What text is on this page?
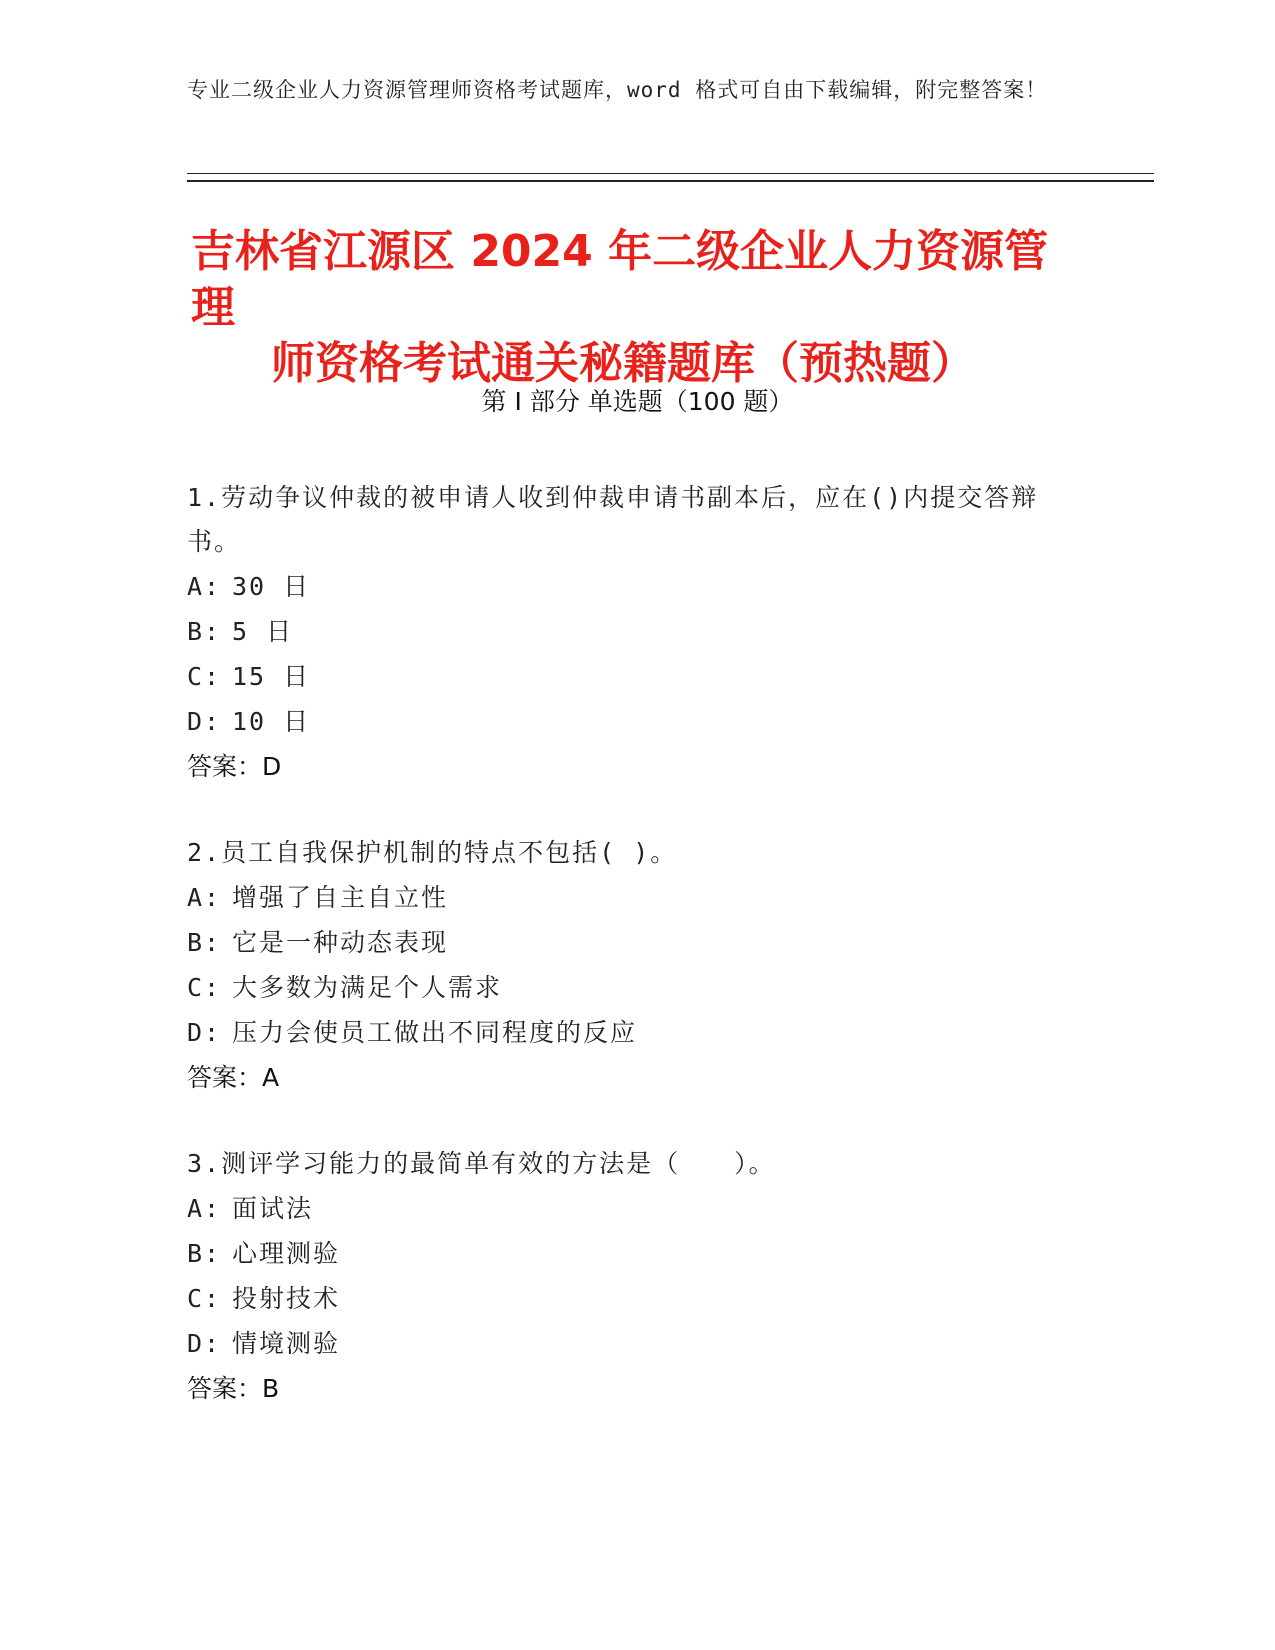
专业二级企业人力资源管理师资格考试题库，word 格式可自由下载编辑，附完整答案！
吉林省江源区 2024 年二级企业人力资源管理
师资格考试通关秘籍题库（预热题）
第 I 部分 单选题（100 题）
1.劳动争议仲裁的被申请人收到仲裁申请书副本后，应在()内提交答辩书。
A: 30 日
B: 5 日
C: 15 日
D: 10 日
答案：D
2.员工自我保护机制的特点不包括( )。
A: 增强了自主自立性
B: 它是一种动态表现
C: 大多数为满足个人需求
D: 压力会使员工做出不同程度的反应
答案：A
3.测评学习能力的最简单有效的方法是（　　）。
A: 面试法
B: 心理测验
C: 投射技术
D: 情境测验
答案：B
